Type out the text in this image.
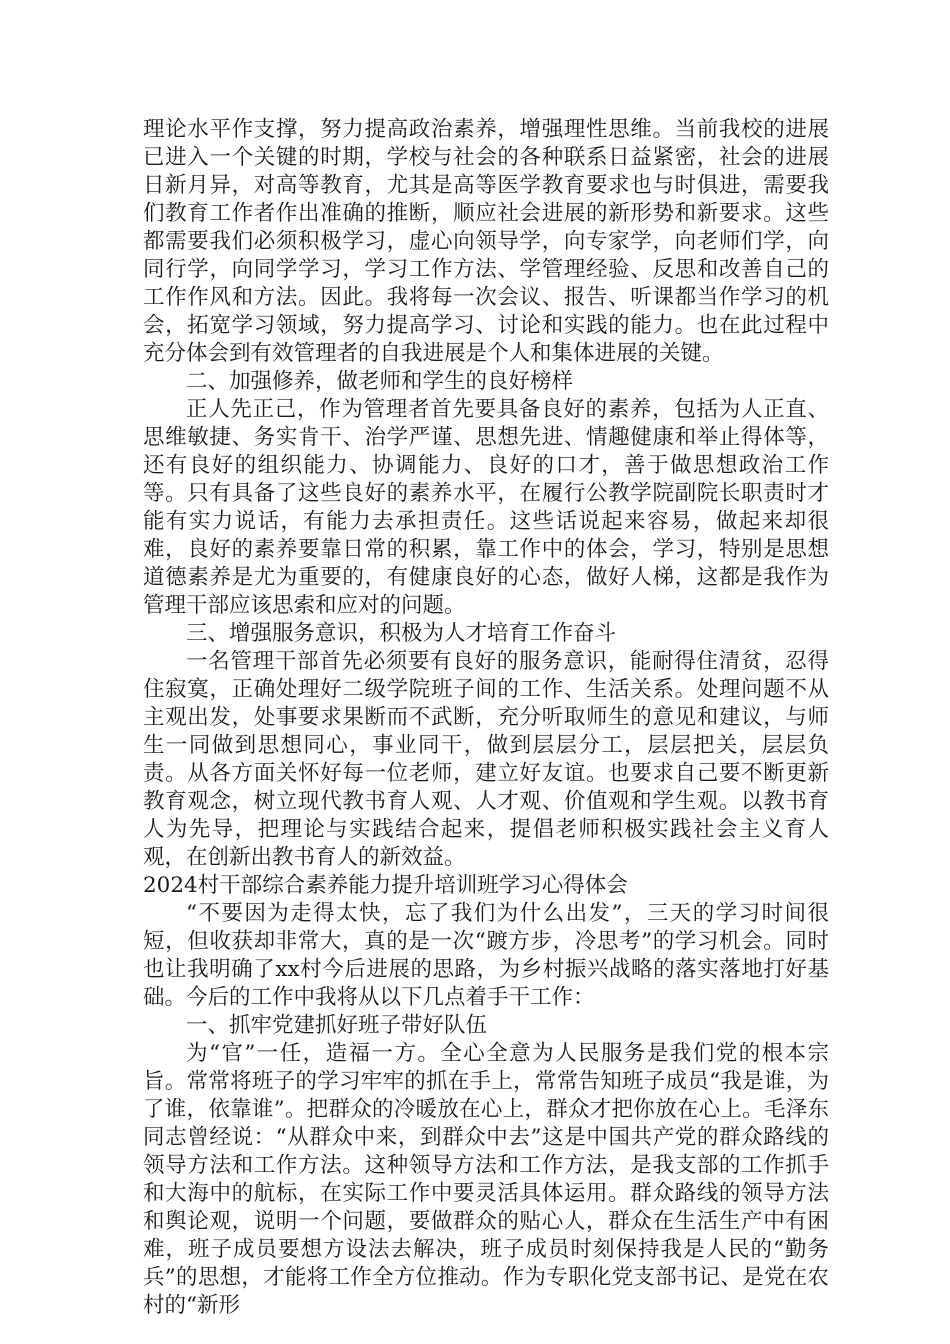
理论水平作支撑，努力提高政治素养，增强理性思维。当前我校的进展已进入一个关键的时期，学校与社会的各种联系日益紧密，社会的进展日新月异，对高等教育，尤其是高等医学教育要求也与时俱进，需要我们教育工作者作出准确的推断，顺应社会进展的新形势和新要求。这些都需要我们必须积极学习，虚心向领导学，向专家学，向老师们学，向同行学，向同学学习，学习工作方法、学管理经验、反思和改善自己的工作作风和方法。因此。我将每一次会议、报告、听课都当作学习的机会，拓宽学习领域，努力提高学习、讨论和实践的能力。也在此过程中充分体会到有效管理者的自我进展是个人和集体进展的关键。

二、加强修养，做老师和学生的良好榜样

正人先正己，作为管理者首先要具备良好的素养，包括为人正直、思维敏捷、务实肯干、治学严谨、思想先进、情趣健康和举止得体等，还有良好的组织能力、协调能力、良好的口才，善于做思想政治工作等。只有具备了这些良好的素养水平，在履行公教学院副院长职责时才能有实力说话，有能力去承担责任。这些话说起来容易，做起来却很难，良好的素养要靠日常的积累，靠工作中的体会，学习，特别是思想道德素养是尤为重要的，有健康良好的心态，做好人梯，这都是我作为管理干部应该思索和应对的问题。

三、增强服务意识，积极为人才培育工作奋斗

一名管理干部首先必须要有良好的服务意识，能耐得住清贫，忍得住寂寞，正确处理好二级学院班子间的工作、生活关系。处理问题不从主观出发，处事要求果断而不武断，充分听取师生的意见和建议，与师生一同做到思想同心，事业同干，做到层层分工，层层把关，层层负责。从各方面关怀好每一位老师，建立好友谊。也要求自己要不断更新教育观念，树立现代教书育人观、人才观、价值观和学生观。以教书育人为先导，把理论与实践结合起来，提倡老师积极实践社会主义育人观，在创新出教书育人的新效益。

2024村干部综合素养能力提升培训班学习心得体会

“不要因为走得太快，忘了我们为什么出发”，三天的学习时间很短，但收获却非常大，真的是一次“踱方步，冷思考”的学习机会。同时也让我明确了xx村今后进展的思路，为乡村振兴战略的落实落地打好基础。今后的工作中我将从以下几点着手干工作：

一、抓牢党建抓好班子带好队伍

为“官”一任，造福一方。全心全意为人民服务是我们党的根本宗旨。常常将班子的学习牢牢的抓在手上，常常告知班子成员“我是谁，为了谁，依靠谁”。把群众的冷暖放在心上，群众才把你放在心上。毛泽东同志曾经说：“从群众中来，到群众中去”这是中国共产党的群众路线的领导方法和工作方法。这种领导方法和工作方法，是我支部的工作抓手和大海中的航标，在实际工作中要灵活具体运用。群众路线的领导方法和舆论观，说明一个问题，要做群众的贴心人，群众在生活生产中有困难，班子成员要想方设法去解决，班子成员时刻保持我是人民的“勤务兵”的思想，才能将工作全方位推动。作为专职化党支部书记、是党在农村的“新形
